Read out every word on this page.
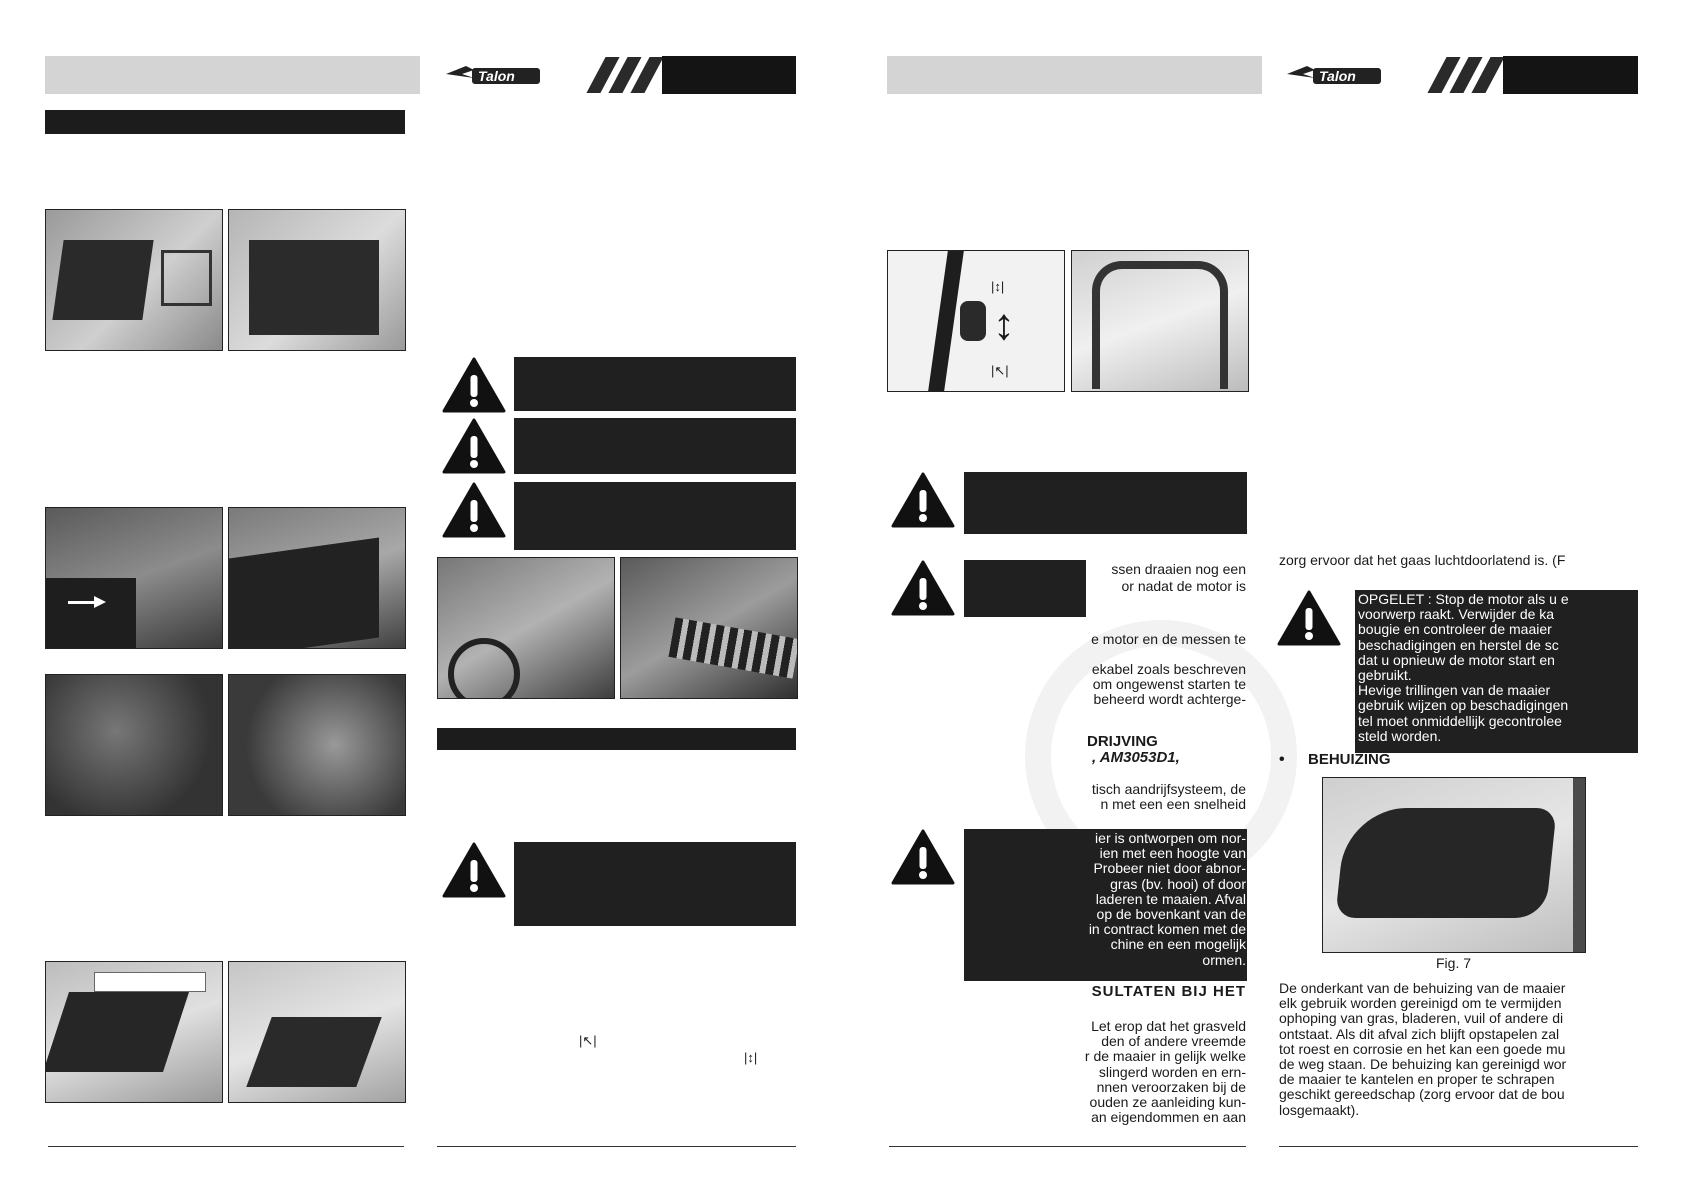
Talon	Talon
|↖|
|↕|
|↕|
↕
|↖|
ssen draaien nog een
or nadat de motor is
e motor en de messen te
ekabel zoals beschreven
om ongewenst starten te
beheerd wordt achterge-
DRIJVING
, AM3053D1,
tisch aandrijfsysteem, de
n met een een snelheid
ier is ontworpen om nor-
ien met een hoogte van
Probeer niet door abnor-
gras (bv. hooi) of door
laderen te maaien. Afval
op de bovenkant van de
in contract komen met de
chine en een mogelijk
ormen.
SULTATEN BIJ HET
Let erop dat het grasveld
den of andere vreemde
r de maaier in gelijk welke
slingerd worden en ern-
nnen veroorzaken bij de
ouden ze aanleiding kun-
an eigendommen en aan
zorg ervoor dat het gaas luchtdoorlatend is. (F
OPGELET : Stop de motor als u e
voorwerp raakt. Verwijder de ka
bougie en controleer de maaier
beschadigingen en herstel de sc
dat u opnieuw de motor start en
gebruikt.
Hevige trillingen van de maaier
gebruik wijzen op beschadigingen
tel moet onmiddellijk gecontrolee
steld worden.
• BEHUIZING
Fig. 7
De onderkant van de behuizing van de maaier
elk gebruik worden gereinigd om te vermijden
ophoping van gras, bladeren, vuil of andere di
ontstaat. Als dit afval zich blijft opstapelen zal
tot roest en corrosie en het kan een goede mu
de weg staan. De behuizing kan gereinigd wor
de maaier te kantelen en proper te schrapen
geschikt gereedschap (zorg ervoor dat de bou
losgemaakt).
